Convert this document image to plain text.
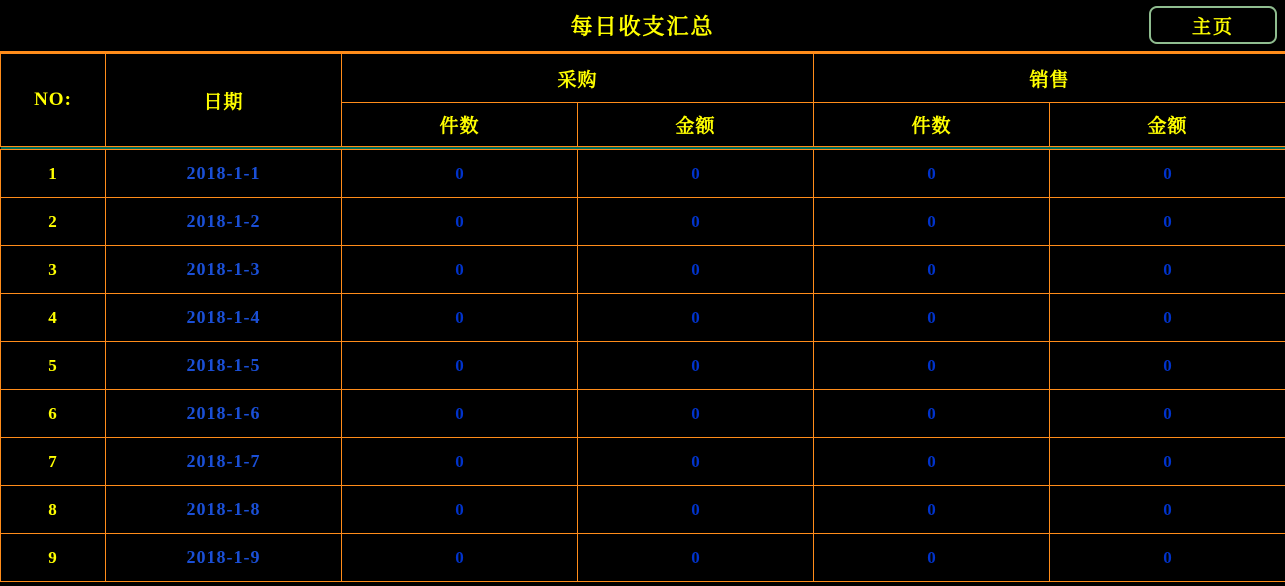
每日收支汇总	主页
NO:	日期	采购		销售	
		件数	金额	件数	金额

1	2018-1-1	0	0	0	0
2	2018-1-2	0	0	0	0
3	2018-1-3	0	0	0	0
4	2018-1-4	0	0	0	0
5	2018-1-5	0	0	0	0
6	2018-1-6	0	0	0	0
7	2018-1-7	0	0	0	0
8	2018-1-8	0	0	0	0
9	2018-1-9	0	0	0	0
